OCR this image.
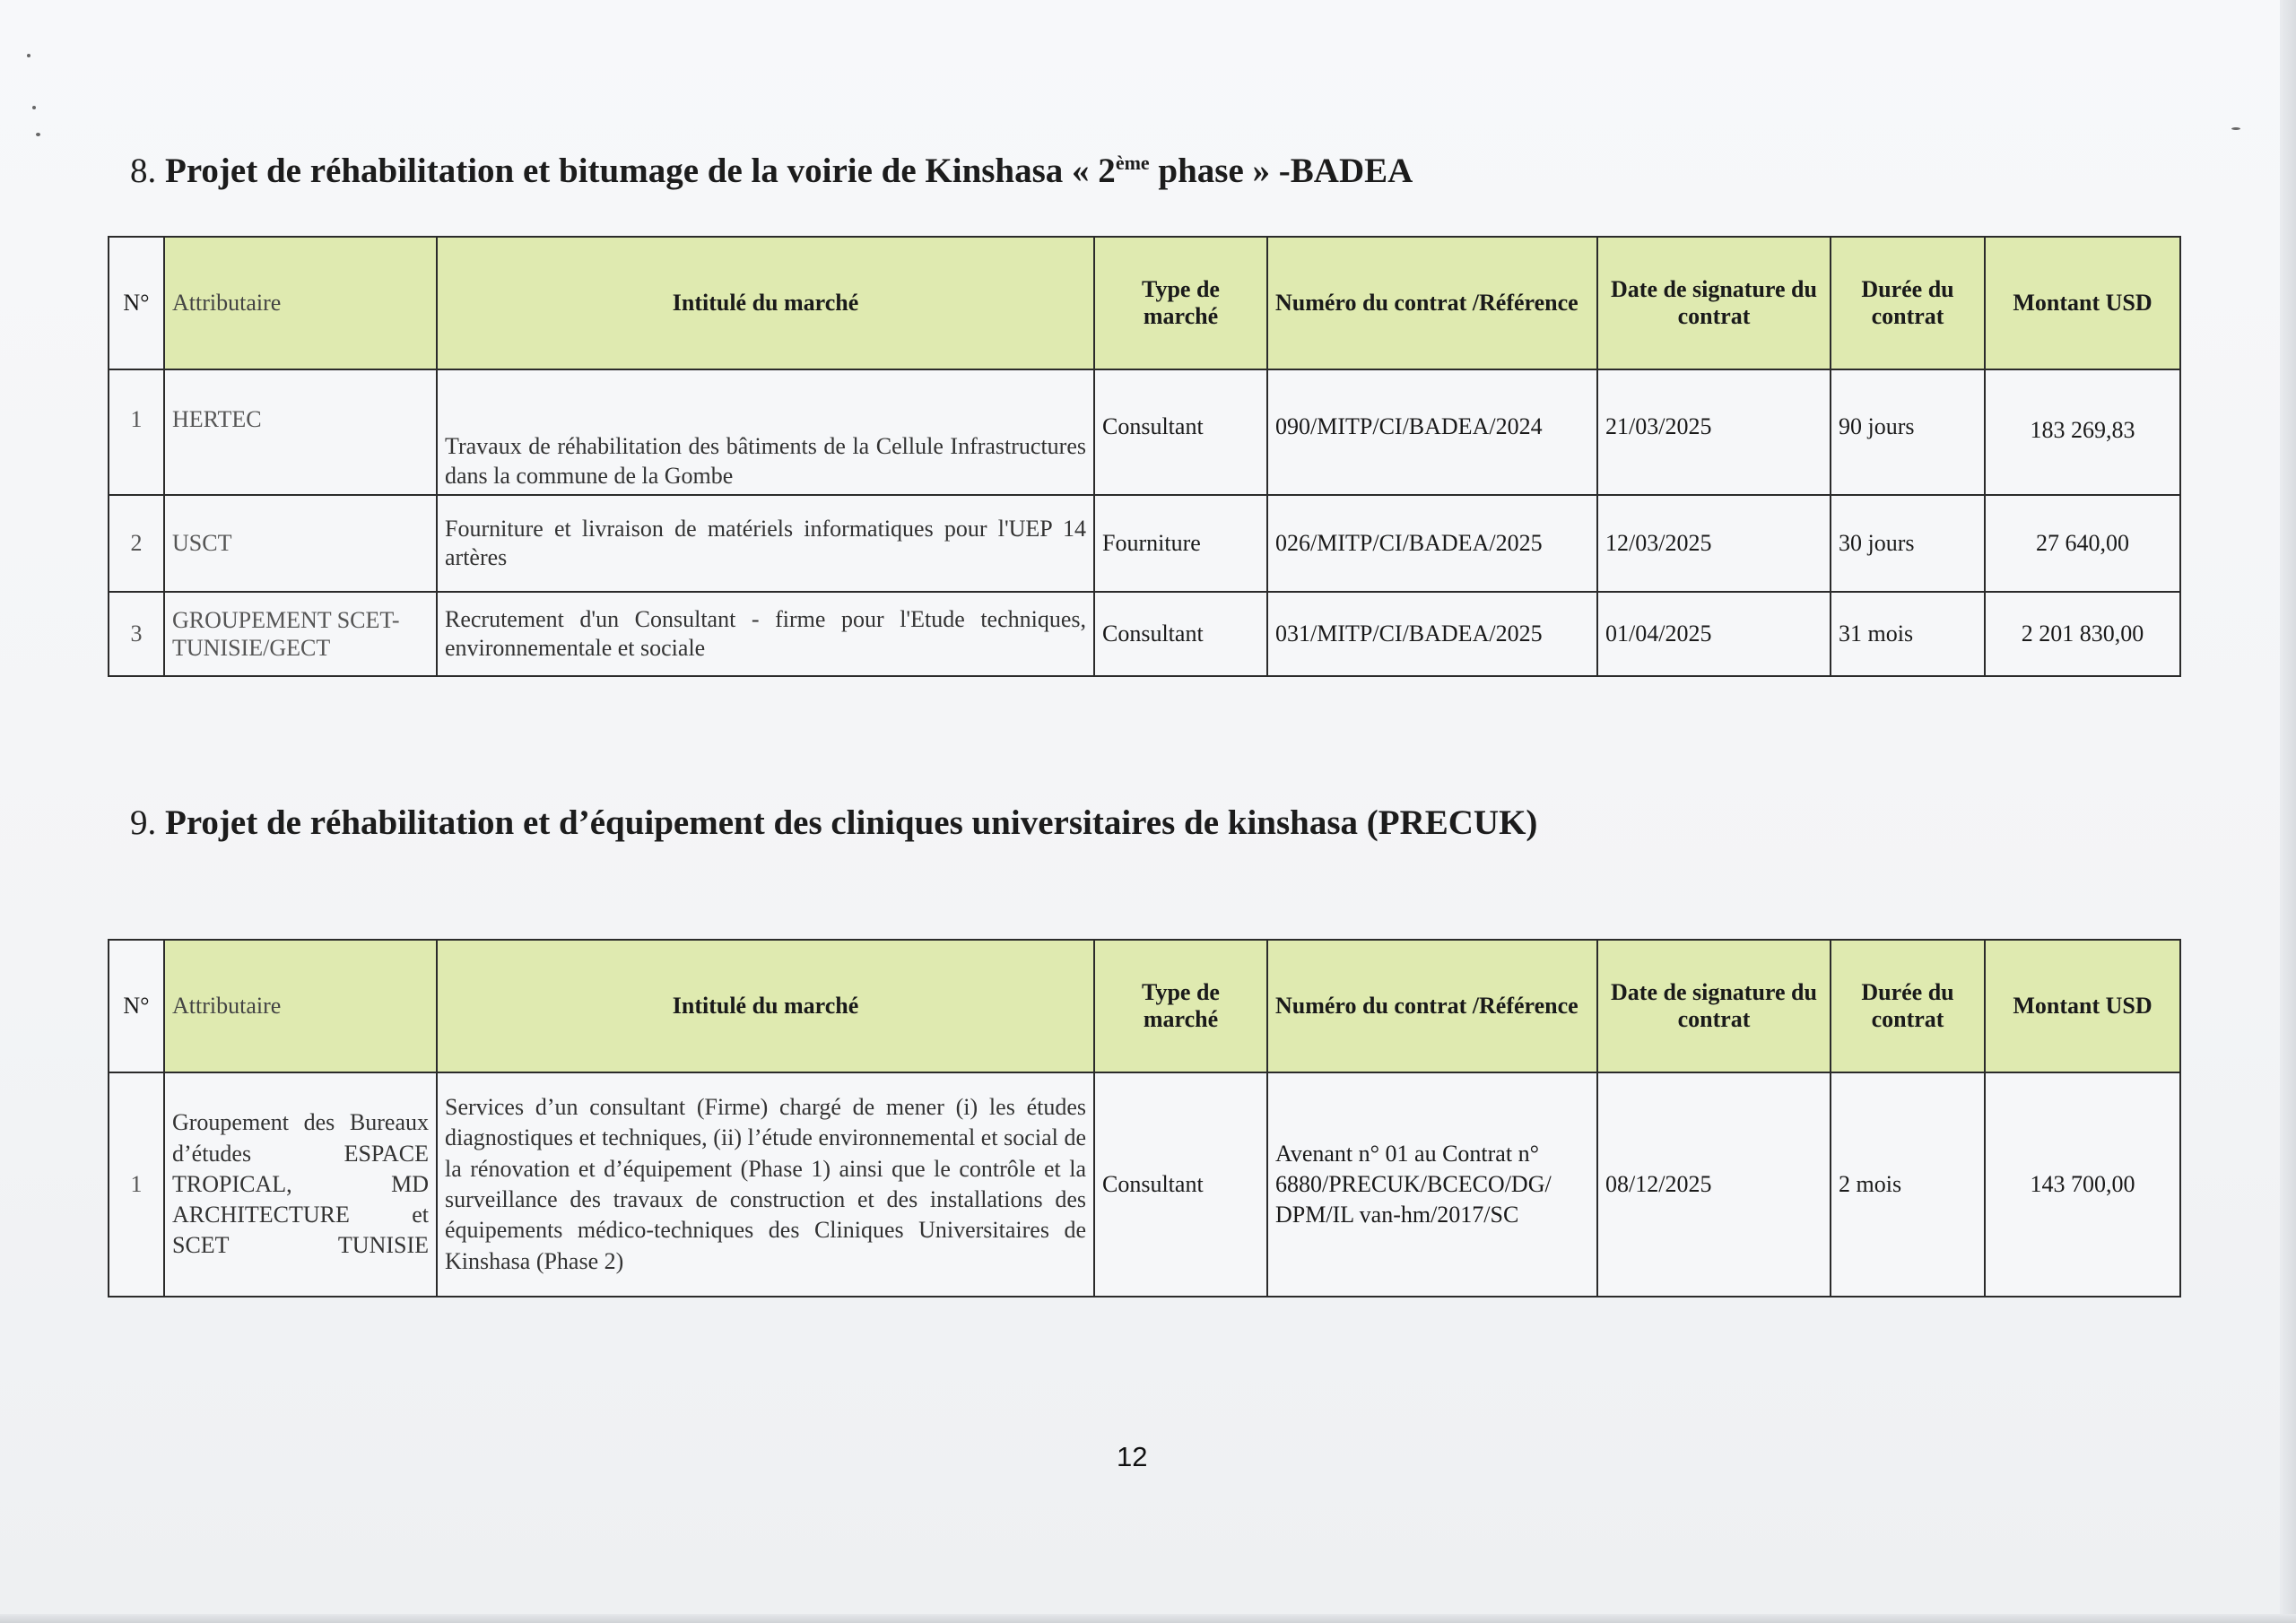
8. Projet de réhabilitation et bitumage de la voirie de Kinshasa « 2ème phase » -BADEA
N°	Attributaire	Intitulé du marché	Type de marché	Numéro du contrat /Référence	Date de signature du contrat	Durée du contrat	Montant USD
1	HERTEC	Travaux de réhabilitation des bâtiments de la Cellule Infrastructures dans la commune de la Gombe	Consultant	090/MITP/CI/BADEA/2024	21/03/2025	90 jours	183 269,83
2	USCT	Fourniture et livraison de matériels informatiques pour l'UEP 14 artères	Fourniture	026/MITP/CI/BADEA/2025	12/03/2025	30 jours	27 640,00
3	GROUPEMENT SCET-TUNISIE/GECT	Recrutement d'un Consultant - firme pour l'Etude techniques, environnementale et sociale	Consultant	031/MITP/CI/BADEA/2025	01/04/2025	31 mois	2 201 830,00
9. Projet de réhabilitation et d’équipement des cliniques universitaires de kinshasa (PRECUK)
N°	Attributaire	Intitulé du marché	Type de marché	Numéro du contrat /Référence	Date de signature du contrat	Durée du contrat	Montant USD
1	Groupement des Bureaux d’études ESPACE TROPICAL, MD ARCHITECTURE et SCET TUNISIE	Services d’un consultant (Firme) chargé de mener (i) les études diagnostiques et techniques, (ii) l’étude environnemental et social de la rénovation et d’équipement (Phase 1) ainsi que le contrôle et la surveillance des travaux de construction et des installations des équipements médico-techniques des Cliniques Universitaires de Kinshasa (Phase 2)	Consultant	Avenant n° 01 au Contrat n° 6880/PRECUK/BCECO/DG/ DPM/IL van-hm/2017/SC	08/12/2025	2 mois	143 700,00
12
